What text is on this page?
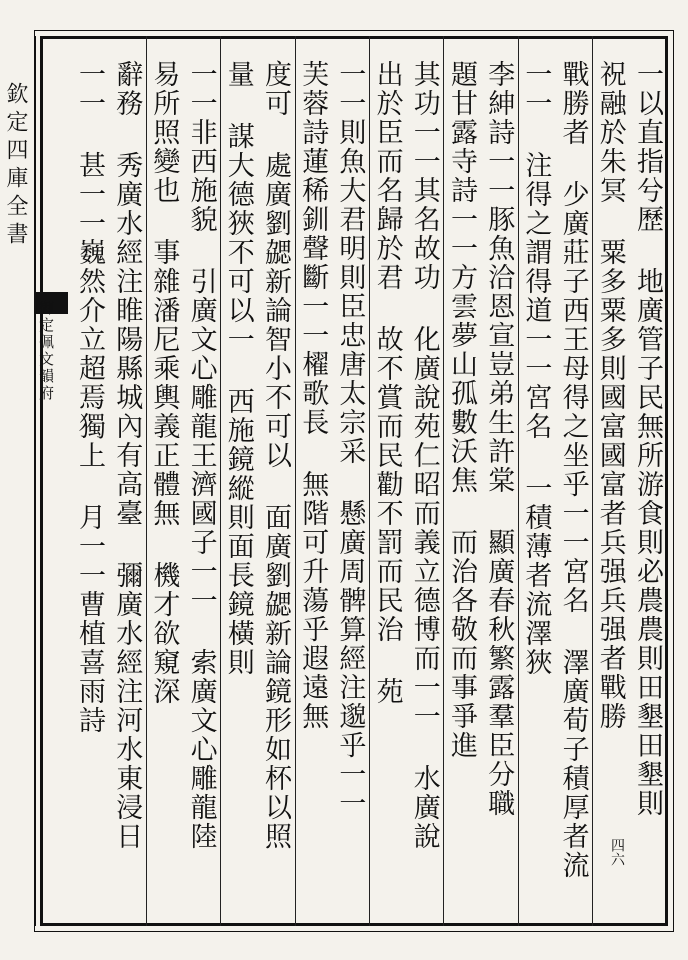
欽定四庫全書
御定佩文韻府
四六
一以直指兮歷 地廣管子民無所游食則必農農則田墾田墾則
祝融於朱冥 粟多粟多則國富國富者兵强兵强者戰勝
戰勝者 少廣莊子西王母得之坐乎一一宮名 澤廣荀子積厚者流
一一 注得之謂得道一一宮名 一積薄者流澤狹
李紳詩一一豚魚洽恩宣豈弟生許棠 顯廣春秋繁露羣臣分職
題甘露寺詩一一方雲夢山孤數沃焦 而治各敬而事爭進
其功一一其名故功 化廣說苑仁昭而義立德博而一一 水廣說
出於臣而名歸於君 故不賞而民勸不罰而民治 苑
一一則魚大君明則臣忠唐太宗采 懸廣周髀算經注邈乎一一
芙蓉詩蓮稀釧聲斷一一櫂歌長 無階可升蕩乎遐遠無
度可 處廣劉勰新論智小不可以 面廣劉勰新論鏡形如杯以照
量 謀大德狹不可以一 西施鏡縱則面長鏡橫則
一一非西施貌 引廣文心雕龍王濟國子一一 索廣文心雕龍陸
易所照變也 事雜潘尼乘輿義正體無 機才欲窺深
辭務 秀廣水經注睢陽縣城內有高臺 彌廣水經注河水東浸日
一一 甚一一巍然介立超焉獨上 月一一曹植喜雨詩
